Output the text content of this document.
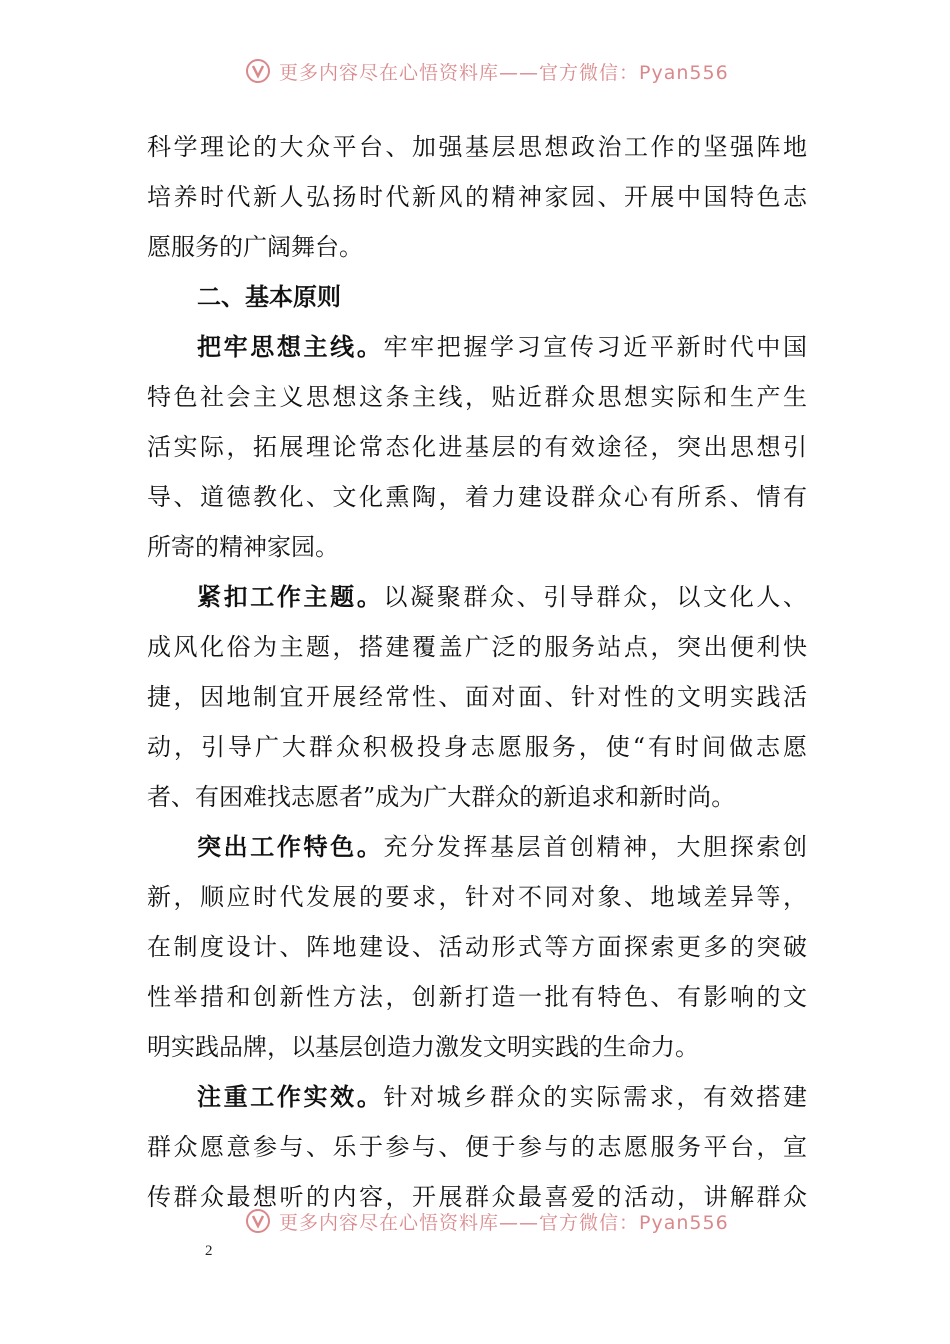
更多内容尽在心悟资料库——官方微信：Pyan556
科学理论的大众平台、加强基层思想政治工作的坚强阵地
培养时代新人弘扬时代新风的精神家园、开展中国特色志
愿服务的广阔舞台。
二、基本原则
把牢思想主线。牢牢把握学习宣传习近平新时代中国
特色社会主义思想这条主线，贴近群众思想实际和生产生
活实际，拓展理论常态化进基层的有效途径，突出思想引
导、道德教化、文化熏陶，着力建设群众心有所系、情有
所寄的精神家园。
紧扣工作主题。以凝聚群众、引导群众，以文化人、
成风化俗为主题，搭建覆盖广泛的服务站点，突出便利快
捷，因地制宜开展经常性、面对面、针对性的文明实践活
动，引导广大群众积极投身志愿服务，使“有时间做志愿
者、有困难找志愿者”成为广大群众的新追求和新时尚。
突出工作特色。充分发挥基层首创精神，大胆探索创
新，顺应时代发展的要求，针对不同对象、地域差异等，
在制度设计、阵地建设、活动形式等方面探索更多的突破
性举措和创新性方法，创新打造一批有特色、有影响的文
明实践品牌，以基层创造力激发文明实践的生命力。
注重工作实效。针对城乡群众的实际需求，有效搭建
群众愿意参与、乐于参与、便于参与的志愿服务平台，宣
传群众最想听的内容，开展群众最喜爱的活动，讲解群众
更多内容尽在心悟资料库——官方微信：Pyan556
2
